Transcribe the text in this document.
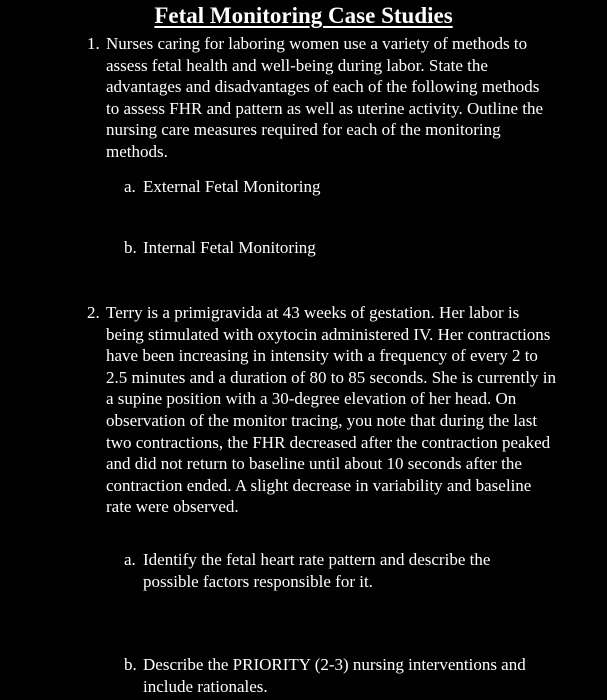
Fetal Monitoring Case Studies
1. Nurses caring for laboring women use a variety of methods to assess fetal health and well-being during labor. State the advantages and disadvantages of each of the following methods to assess FHR and pattern as well as uterine activity. Outline the nursing care measures required for each of the monitoring methods.
a. External Fetal Monitoring
b. Internal Fetal Monitoring
2. Terry is a primigravida at 43 weeks of gestation. Her labor is being stimulated with oxytocin administered IV. Her contractions have been increasing in intensity with a frequency of every 2 to 2.5 minutes and a duration of 80 to 85 seconds. She is currently in a supine position with a 30-degree elevation of her head. On observation of the monitor tracing, you note that during the last two contractions, the FHR decreased after the contraction peaked and did not return to baseline until about 10 seconds after the contraction ended. A slight decrease in variability and baseline rate were observed.
a. Identify the fetal heart rate pattern and describe the possible factors responsible for it.
b. Describe the PRIORITY (2-3) nursing interventions and include rationales.
